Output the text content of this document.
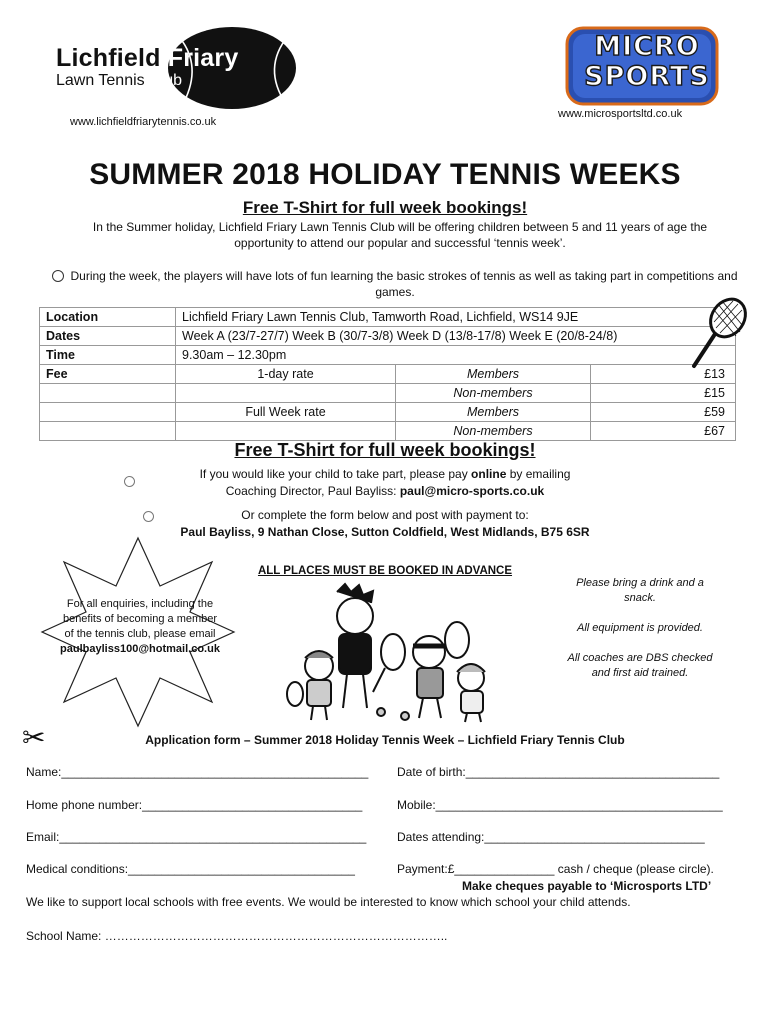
Lichfield Friary
Lawn Tennis Club
www.lichfieldfriarytennis.co.uk
MICRO
SPORTS
www.microsportsltd.co.uk
SUMMER 2018 HOLIDAY TENNIS WEEKS
Free T-Shirt for full week bookings!
In the Summer holiday, Lichfield Friary Lawn Tennis Club will be offering children between 5 and 11 years of age the opportunity to attend our popular and successful ‘tennis week’.
During the week, the players will have lots of fun learning the basic strokes of tennis as well as taking part in competitions and games.
Location	Lichfield Friary Lawn Tennis Club, Tamworth Road, Lichfield, WS14 9JE		
Dates	Week A (23/7-27/7) Week B (30/7-3/8) Week D (13/8-17/8) Week E (20/8-24/8)		
Time	9.30am – 12.30pm		
Fee	1-day rate	Members	£13
		Non-members	£15
	Full Week rate	Members	£59
		Non-members	£67
Free T-Shirt for full week bookings!
If you would like your child to take part, please pay online by emailing
Coaching Director, Paul Bayliss: paul@micro-sports.co.uk
Or complete the form below and post with payment to:
Paul Bayliss, 9 Nathan Close, Sutton Coldfield, West Midlands, B75 6SR
For all enquiries, including the benefits of becoming a member of the tennis club, please email
paulbayliss100@hotmail.co.uk
ALL PLACES MUST BE BOOKED IN ADVANCE
Please bring a drink and a snack.
All equipment is provided.
All coaches are DBS checked and first aid trained.
✂	Application form – Summer 2018 Holiday Tennis Week – Lichfield Friary Tennis Club
Name:______________________________________________ Date of birth:______________________________________
Home phone number:_________________________________	Mobile:___________________________________________
Email:______________________________________________	Dates attending:_________________________________
Medical conditions:__________________________________	Payment:£_______________ cash / cheque (please circle).
Make cheques payable to ‘Microsports LTD’
We like to support local schools with free events. We would be interested to know which school your child attends.
School Name: …………………………………………………………………………..
